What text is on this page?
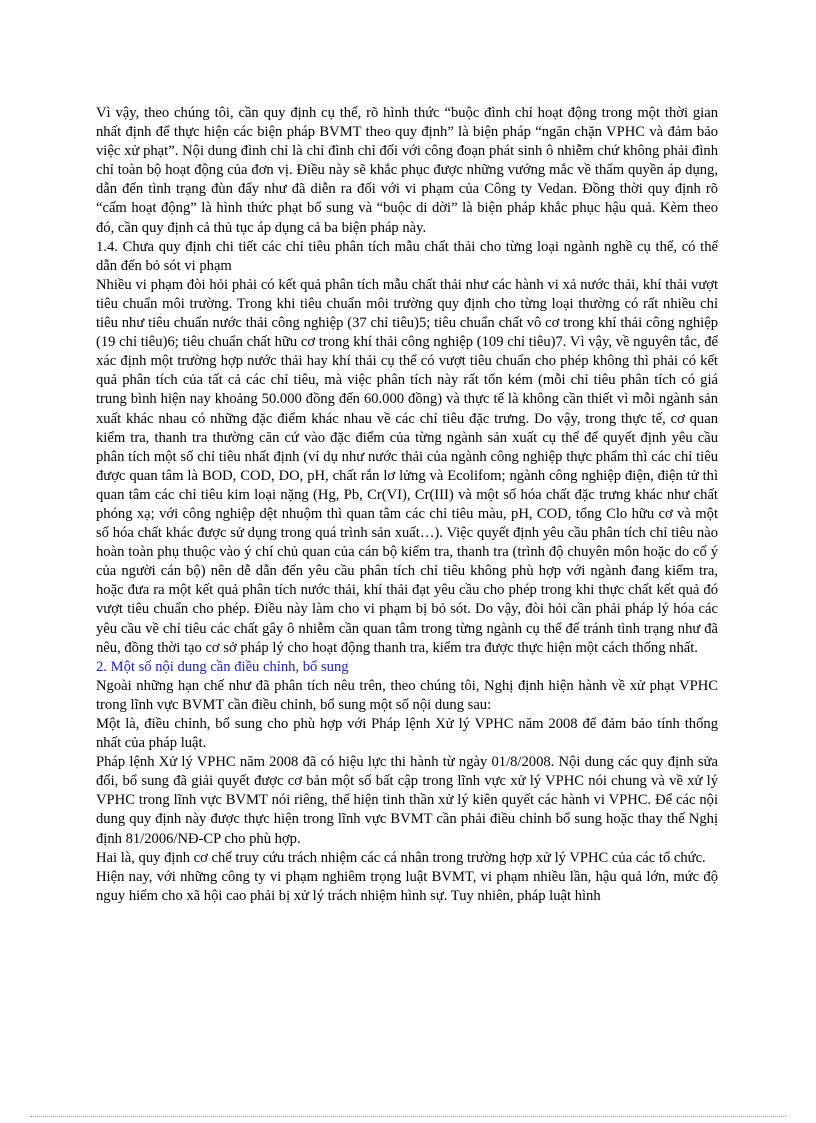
Vì vậy, theo chúng tôi, cần quy định cụ thể, rõ hình thức “buộc đình chỉ hoạt động trong một thời gian nhất định để thực hiện các biện pháp BVMT theo quy định” là biện pháp “ngăn chặn VPHC và đảm bảo việc xử phạt”. Nội dung đình chỉ là chỉ đình chỉ đối với công đoạn phát sinh ô nhiễm chứ không phải đình chỉ toàn bộ hoạt động của đơn vị. Điều này sẽ khắc phục được những vướng mắc về thẩm quyền áp dụng, dẫn đến tình trạng đùn đẩy như đã diễn ra đối với vi phạm của Công ty Vedan. Đồng thời quy định rõ “cấm hoạt động” là hình thức phạt bổ sung và “buộc di dời” là biện pháp khắc phục hậu quả. Kèm theo đó, cần quy định cả thủ tục áp dụng cả ba biện pháp này.

1.4. Chưa quy định chi tiết các chỉ tiêu phân tích mẫu chất thải cho từng loại ngành nghề cụ thể, có thể dẫn đến bỏ sót vi phạm

Nhiều vi phạm đòi hỏi phải có kết quả phân tích mẫu chất thải như các hành vi xả nước thải, khí thải vượt tiêu chuẩn môi trường. Trong khi tiêu chuẩn môi trường quy định cho từng loại thường có rất nhiều chỉ tiêu như tiêu chuẩn nước thải công nghiệp (37 chỉ tiêu)5; tiêu chuẩn chất vô cơ trong khí thải công nghiệp (19 chỉ tiêu)6; tiêu chuẩn chất hữu cơ trong khí thải công nghiệp (109 chỉ tiêu)7. Vì vậy, về nguyên tắc, để xác định một trường hợp nước thải hay khí thải cụ thể có vượt tiêu chuẩn cho phép không thì phải có kết quả phân tích của tất cả các chỉ tiêu, mà việc phân tích này rất tốn kém (mỗi chỉ tiêu phân tích có giá trung bình hiện nay khoảng 50.000 đồng đến 60.000 đồng) và thực tế là không cần thiết vì mỗi ngành sản xuất khác nhau có những đặc điểm khác nhau về các chỉ tiêu đặc trưng. Do vậy, trong thực tế, cơ quan kiểm tra, thanh tra thường căn cứ vào đặc điểm của từng ngành sản xuất cụ thể để quyết định yêu cầu phân tích một số chỉ tiêu nhất định (ví dụ như nước thải của ngành công nghiệp thực phẩm thì các chỉ tiêu được quan tâm là BOD, COD, DO, pH, chất rắn lơ lửng và Ecolifom; ngành công nghiệp điện, điện tử thì quan tâm các chỉ tiêu kim loại nặng (Hg, Pb, Cr(VI), Cr(III) và một số hóa chất đặc trưng khác như chất phóng xạ; với công nghiệp dệt nhuộm thì quan tâm các chỉ tiêu màu, pH, COD, tổng Clo hữu cơ và một số hóa chất khác được sử dụng trong quá trình sản xuất…). Việc quyết định yêu cầu phân tích chỉ tiêu nào hoàn toàn phụ thuộc vào ý chí chủ quan của cán bộ kiểm tra, thanh tra (trình độ chuyên môn hoặc do cố ý của người cán bộ) nên dễ dẫn đến yêu cầu phân tích chỉ tiêu không phù hợp với ngành đang kiểm tra, hoặc đưa ra một kết quả phân tích nước thải, khí thải đạt yêu cầu cho phép trong khi thực chất kết quả đó vượt tiêu chuẩn cho phép. Điều này làm cho vi phạm bị bỏ sót. Do vậy, đòi hỏi cần phải pháp lý hóa các yêu cầu về chỉ tiêu các chất gây ô nhiễm cần quan tâm trong từng ngành cụ thể để tránh tình trạng như đã nêu, đồng thời tạo cơ sở pháp lý cho hoạt động thanh tra, kiểm tra được thực hiện một cách thống nhất.

2. Một số nội dung cần điều chỉnh, bổ sung

Ngoài những hạn chế như đã phân tích nêu trên, theo chúng tôi, Nghị định hiện hành về xử phạt VPHC trong lĩnh vực BVMT cần điều chỉnh, bổ sung một số nội dung sau:

Một là, điều chỉnh, bổ sung cho phù hợp với Pháp lệnh Xử lý VPHC năm 2008 để đảm bảo tính thống nhất của pháp luật.

Pháp lệnh Xử lý VPHC năm 2008 đã có hiệu lực thi hành từ ngày 01/8/2008. Nội dung các quy định sửa đổi, bổ sung đã giải quyết được cơ bản một số bất cập trong lĩnh vực xử lý VPHC nói chung và về xử lý VPHC trong lĩnh vực BVMT nói riêng, thể hiện tinh thần xử lý kiên quyết các hành vi VPHC. Để các nội dung quy định này được thực hiện trong lĩnh vực BVMT cần phải điều chỉnh bổ sung hoặc thay thế Nghị định 81/2006/NĐ-CP cho phù hợp.

Hai là, quy định cơ chế truy cứu trách nhiệm các cá nhân trong trường hợp xử lý VPHC của các tổ chức.

Hiện nay, với những công ty vi phạm nghiêm trọng luật BVMT, vi phạm nhiều lần, hậu quả lớn, mức độ nguy hiểm cho xã hội cao phải bị xử lý trách nhiệm hình sự. Tuy nhiên, pháp luật hình
